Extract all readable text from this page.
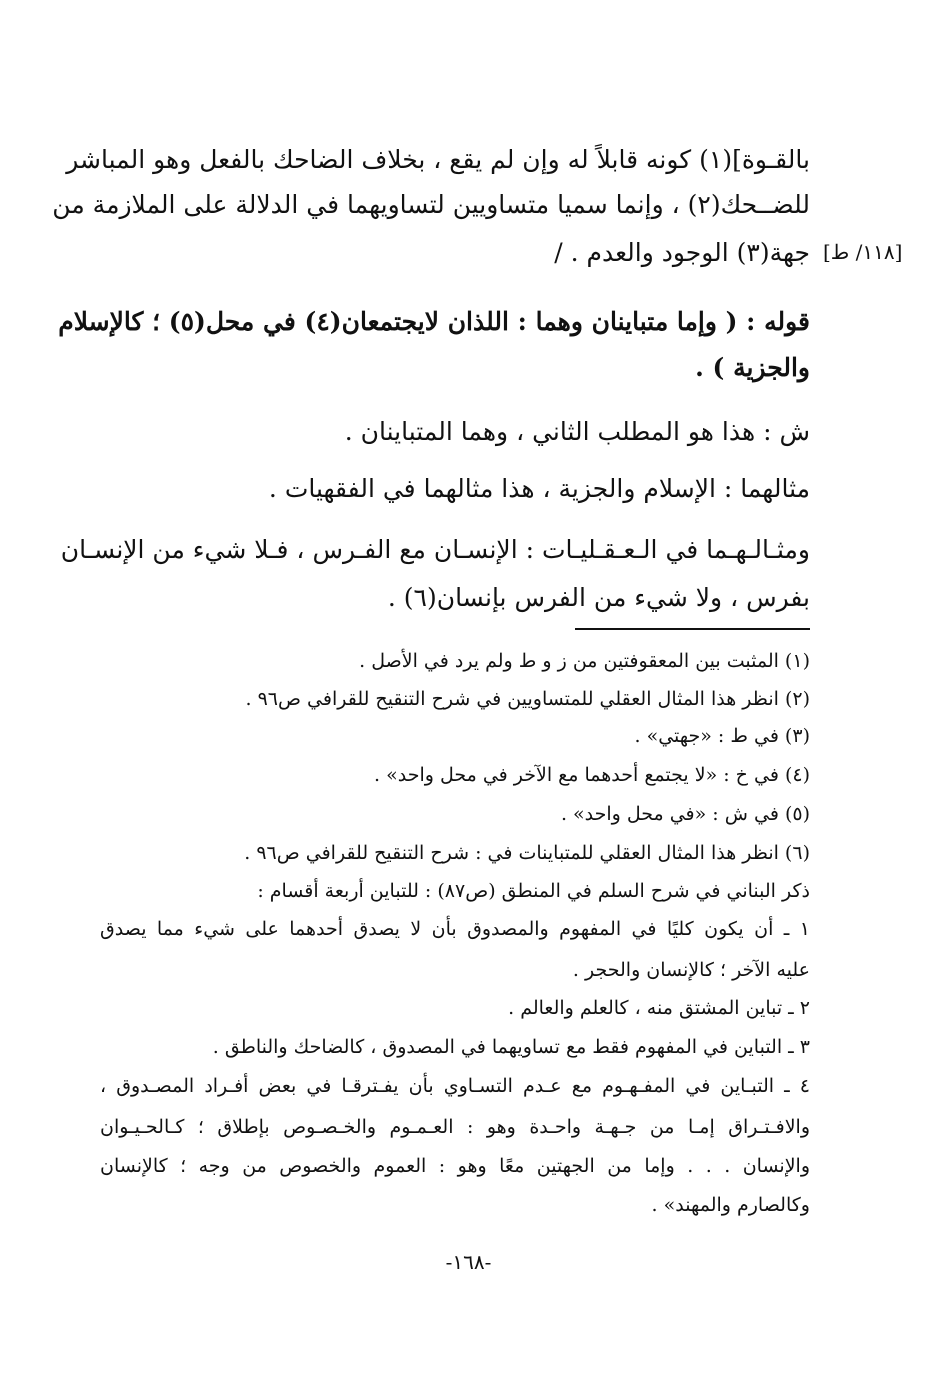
بالقـوة](١) كونه قابلاً له وإن لم يقع ، بخلاف الضاحك بالفعل وهو المباشر
للضــحك(٢) ، وإنما سميا متساويين لتساويهما في الدلالة على الملازمة من
جهة(٣) الوجود والعدم . / [١١٨/ ط]
قوله : ( وإما متباينان وهما : اللذان لايجتمعان(٤) في محل(٥) ؛ كالإسلام
والجزية ) .
ش : هذا هو المطلب الثاني ، وهما المتباينان .
مثالهما : الإسلام والجزية ، هذا مثالهما في الفقهيات .
ومثـالـهـما في الـعـقـليـات : الإنسـان مع الفـرس ، فـلا شيء من الإنسـان
بفرس ، ولا شيء من الفرس بإنسان(٦) .
(١) المثبت بين المعقوفتين من ز و ط ولم يرد في الأصل .
(٢) انظر هذا المثال العقلي للمتساويين في شرح التنقيح للقرافي ص٩٦ .
(٣) في ط : «جهتي» .
(٤) في خ : «لا يجتمع أحدهما مع الآخر في محل واحد» .
(٥) في ش : «في محل واحد» .
(٦) انظر هذا المثال العقلي للمتباينات في : شرح التنقيح للقرافي ص٩٦ .
ذكر البناني في شرح السلم في المنطق (ص٨٧) : للتباين أربعة أقسام :
١ ـ أن يكون كليًا في المفهوم والمصدوق بأن لا يصدق أحدهما على شيء مما يصدق
عليه الآخر ؛ كالإنسان والحجر .
٢ ـ تباين المشتق منه ، كالعلم والعالم .
٣ ـ التباين في المفهوم فقط مع تساويهما في المصدوق ، كالضاحك والناطق .
٤ ـ التبـاين في المفـهـوم مع عـدم التسـاوي بأن يفـترقـا في بعض أفـراد المصـدوق ،
والافـتـراق إمـا من جـهـة واحـدة وهو : العـمـوم والخـصـوص بإطلاق ؛ كـالحـيـوان
والإنسان . . . وإما من الجهتين معًا وهو : العموم والخصوص من وجه ؛ كالإنسان
وكالصارم والمهند» .
-١٦٨-
